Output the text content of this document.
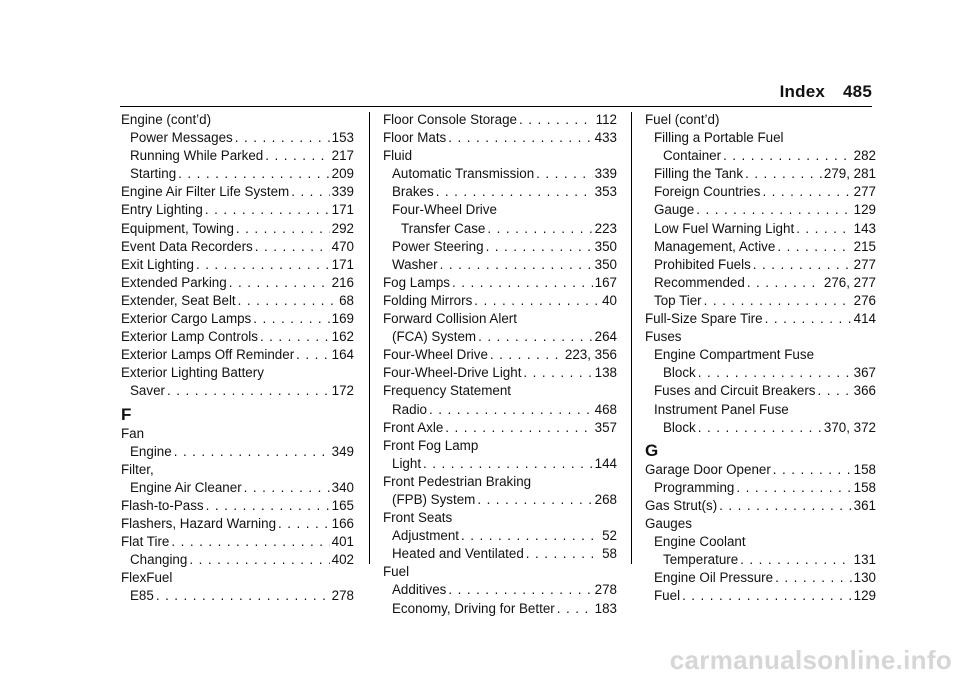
Index 485
Engine (cont’d)
Power Messages . . .	153
Running While Parked . . .	217
Starting . . .	209
Engine Air Filter Life System . . .	339
Entry Lighting . . .	171
Equipment, Towing . . .	292
Event Data Recorders . . .	470
Exit Lighting . . .	171
Extended Parking . . .	216
Extender, Seat Belt . . .	68
Exterior Cargo Lamps . . .	169
Exterior Lamp Controls . . .	162
Exterior Lamps Off Reminder . . .	164
Exterior Lighting Battery
Saver . . .	172
F
Fan
Engine . . .	349
Filter,
Engine Air Cleaner . . .	340
Flash-to-Pass . . .	165
Flashers, Hazard Warning . . .	166
Flat Tire . . .	401
Changing . . .	402
FlexFuel
E85 . . .	278
Floor Console Storage . . .	112
Floor Mats . . .	433
Fluid
Automatic Transmission . . .	339
Brakes . . .	353
Four-Wheel Drive
Transfer Case . . .	223
Power Steering . . .	350
Washer . . .	350
Fog Lamps . . .	167
Folding Mirrors . . .	40
Forward Collision Alert
(FCA) System . . .	264
Four-Wheel Drive . . .	223, 356
Four-Wheel-Drive Light . . .	138
Frequency Statement
Radio . . .	468
Front Axle . . .	357
Front Fog Lamp
Light . . .	144
Front Pedestrian Braking
(FPB) System . . .	268
Front Seats
Adjustment . . .	52
Heated and Ventilated . . .	58
Fuel
Additives . . .	278
Economy, Driving for Better . . .	183
Fuel (cont’d)
Filling a Portable Fuel
Container . . .	282
Filling the Tank . . .	279, 281
Foreign Countries . . .	277
Gauge . . .	129
Low Fuel Warning Light . . .	143
Management, Active . . .	215
Prohibited Fuels . . .	277
Recommended . . .	276, 277
Top Tier . . .	276
Full-Size Spare Tire . . .	414
Fuses
Engine Compartment Fuse
Block . . .	367
Fuses and Circuit Breakers . . .	366
Instrument Panel Fuse
Block . . .	370, 372
G
Garage Door Opener . . .	158
Programming . . .	158
Gas Strut(s) . . .	361
Gauges
Engine Coolant
Temperature . . .	131
Engine Oil Pressure . . .	130
Fuel . . .	129
carmanualsonline.info
